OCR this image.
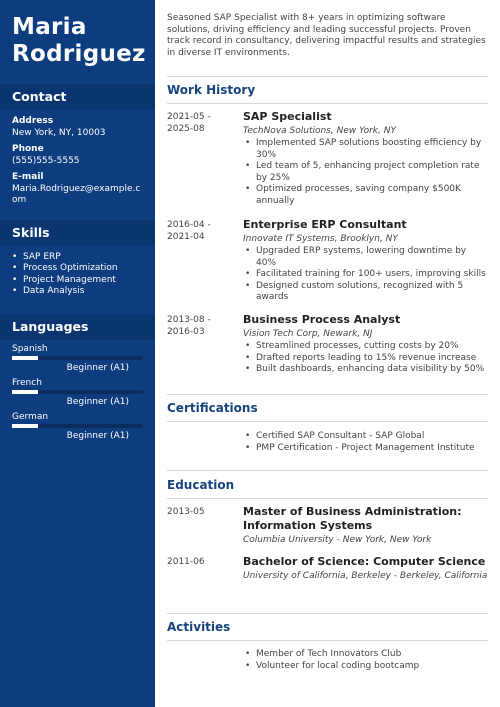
Maria Rodriguez
Contact
Address
New York, NY, 10003
Phone
(555)555-5555
E-mail
Maria.Rodriguez@example.com
Skills
• SAP ERP
• Process Optimization
• Project Management
• Data Analysis
Languages
Spanish
Beginner (A1)
French
Beginner (A1)
German
Beginner (A1)
Seasoned SAP Specialist with 8+ years in optimizing software solutions, driving efficiency and leading successful projects. Proven track record in consultancy, delivering impactful results and strategies in diverse IT environments.
Work History
2021-05 - 2025-08
SAP Specialist
TechNova Solutions, New York, NY
• Implemented SAP solutions boosting efficiency by 30%
• Led team of 5, enhancing project completion rate by 25%
• Optimized processes, saving company $500K annually
2016-04 - 2021-04
Enterprise ERP Consultant
Innovate IT Systems, Brooklyn, NY
• Upgraded ERP systems, lowering downtime by 40%
• Facilitated training for 100+ users, improving skills
• Designed custom solutions, recognized with 5 awards
2013-08 - 2016-03
Business Process Analyst
Vision Tech Corp, Newark, NJ
• Streamlined processes, cutting costs by 20%
• Drafted reports leading to 15% revenue increase
• Built dashboards, enhancing data visibility by 50%
Certifications
• Certified SAP Consultant - SAP Global
• PMP Certification - Project Management Institute
Education
2013-05	Master of Business Administration: Information Systems
Columbia University - New York, New York
2011-06	Bachelor of Science: Computer Science
University of California, Berkeley - Berkeley, California
Activities
• Member of Tech Innovators Club
• Volunteer for local coding bootcamp
